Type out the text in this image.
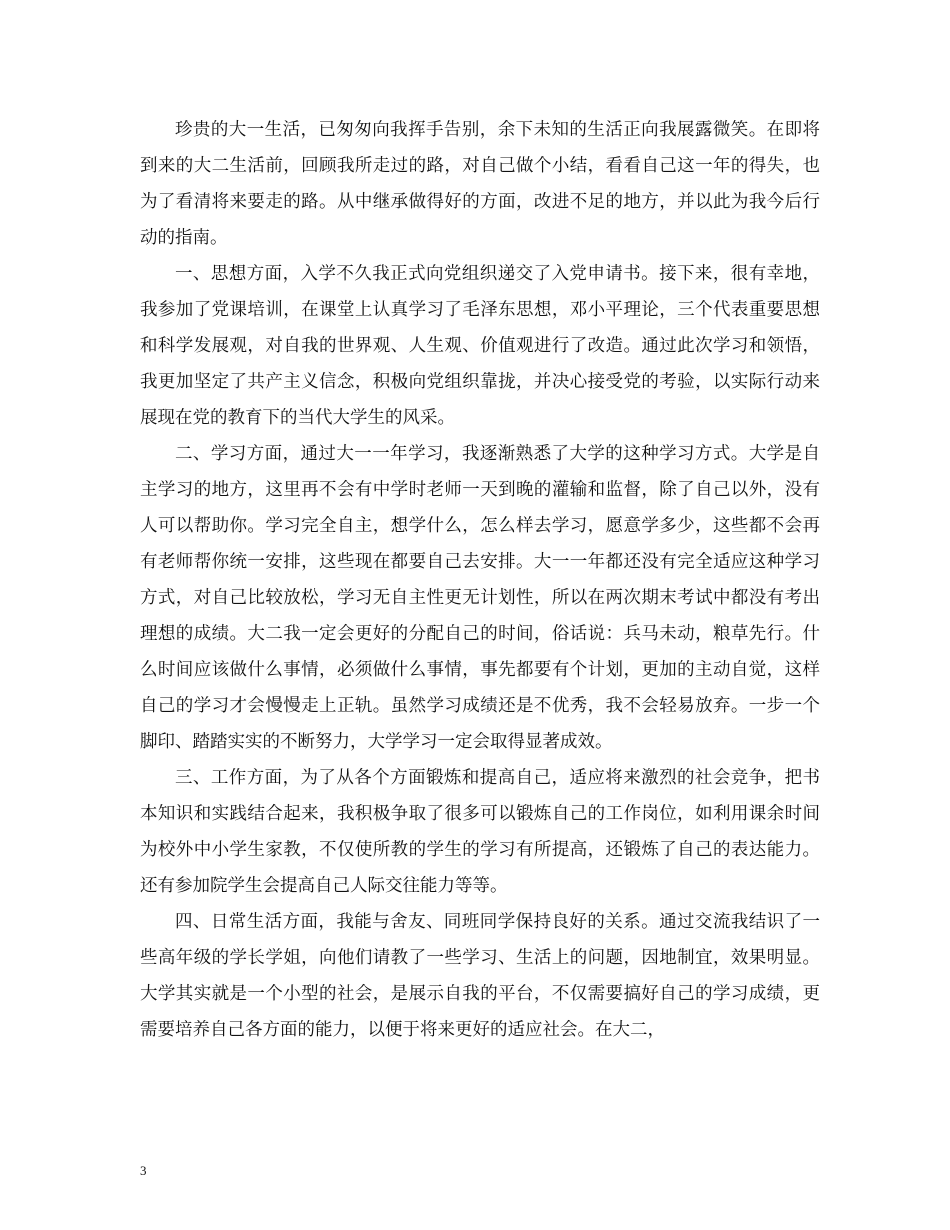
珍贵的大一生活，已匆匆向我挥手告别，余下未知的生活正向我展露微笑。在即将到来的大二生活前，回顾我所走过的路，对自己做个小结，看看自己这一年的得失，也为了看清将来要走的路。从中继承做得好的方面，改进不足的地方，并以此为我今后行动的指南。

一、思想方面，入学不久我正式向党组织递交了入党申请书。接下来，很有幸地，我参加了党课培训，在课堂上认真学习了毛泽东思想，邓小平理论，三个代表重要思想和科学发展观，对自我的世界观、人生观、价值观进行了改造。通过此次学习和领悟，我更加坚定了共产主义信念，积极向党组织靠拢，并决心接受党的考验，以实际行动来展现在党的教育下的当代大学生的风采。

二、学习方面，通过大一一年学习，我逐渐熟悉了大学的这种学习方式。大学是自主学习的地方，这里再不会有中学时老师一天到晚的灌输和监督，除了自己以外，没有人可以帮助你。学习完全自主，想学什么，怎么样去学习，愿意学多少，这些都不会再有老师帮你统一安排，这些现在都要自己去安排。大一一年都还没有完全适应这种学习方式，对自己比较放松，学习无自主性更无计划性，所以在两次期末考试中都没有考出理想的成绩。大二我一定会更好的分配自己的时间，俗话说：兵马未动，粮草先行。什么时间应该做什么事情，必须做什么事情，事先都要有个计划，更加的主动自觉，这样自己的学习才会慢慢走上正轨。虽然学习成绩还是不优秀，我不会轻易放弃。一步一个脚印、踏踏实实的不断努力，大学学习一定会取得显著成效。

三、工作方面，为了从各个方面锻炼和提高自己，适应将来激烈的社会竞争，把书本知识和实践结合起来，我积极争取了很多可以锻炼自己的工作岗位，如利用课余时间为校外中小学生家教，不仅使所教的学生的学习有所提高，还锻炼了自己的表达能力。还有参加院学生会提高自己人际交往能力等等。

四、日常生活方面，我能与舍友、同班同学保持良好的关系。通过交流我结识了一些高年级的学长学姐，向他们请教了一些学习、生活上的问题，因地制宜，效果明显。大学其实就是一个小型的社会，是展示自我的平台，不仅需要搞好自己的学习成绩，更需要培养自己各方面的能力，以便于将来更好的适应社会。在大二，

3
